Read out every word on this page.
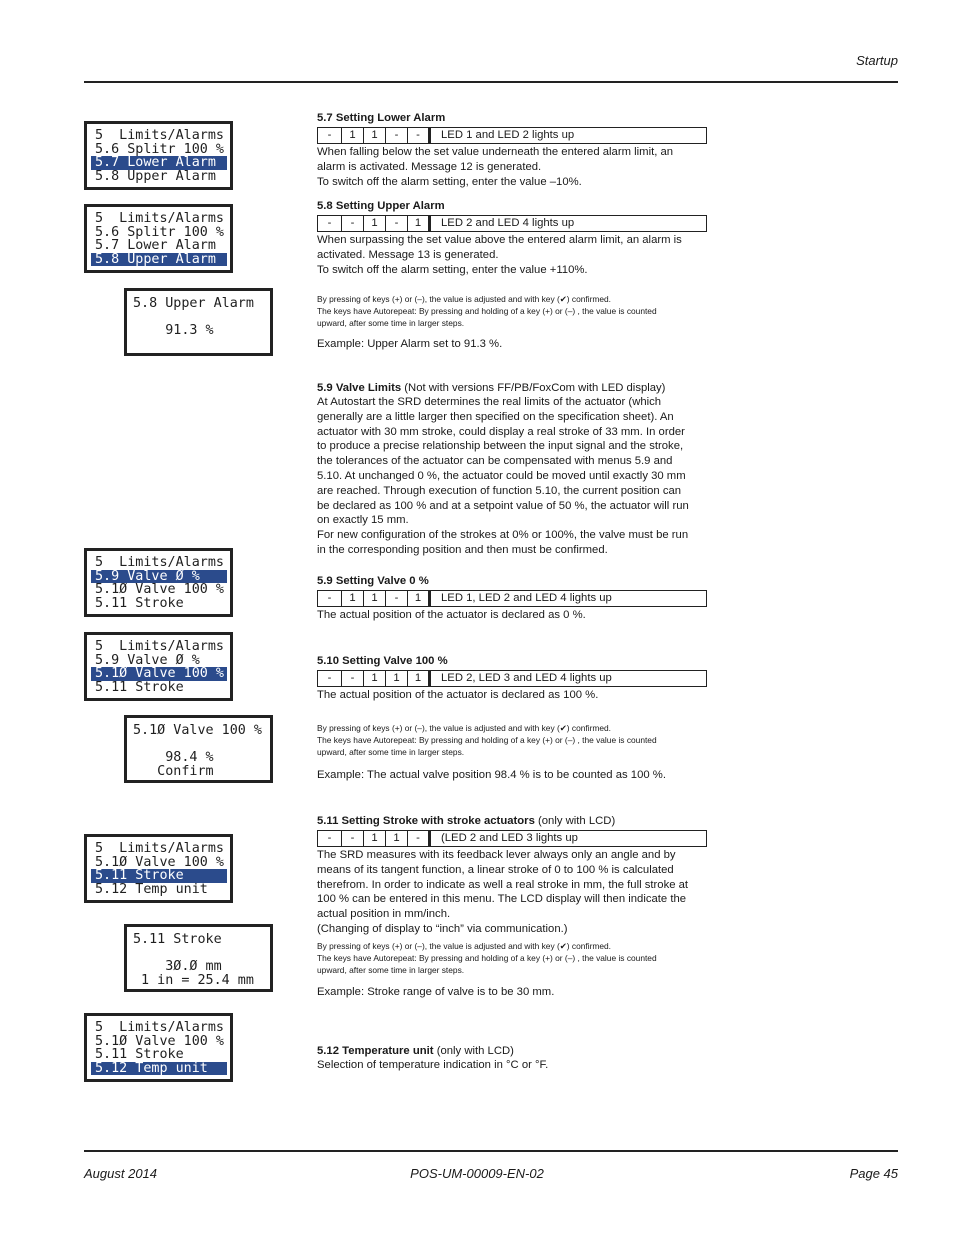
Startup
August 2014	POS-UM-00009-EN-02	Page 45
5  Limits/Alarms
5.6 Splitr 100 %
5.7 Lower Alarm
5.8 Upper Alarm
5  Limits/Alarms
5.6 Splitr 100 %
5.7 Lower Alarm
5.8 Upper Alarm
5.8 Upper Alarm
91.3 %
5  Limits/Alarms
5.9 Valve Ø %
5.1Ø Valve 100 %
5.11 Stroke
5  Limits/Alarms
5.9 Valve Ø %
5.1Ø Valve 100 %
5.11 Stroke
5.1Ø Valve 100 %
98.4 %
Confirm
5  Limits/Alarms
5.1Ø Valve 100 %
5.11 Stroke
5.12 Temp unit
5.11 Stroke
3Ø.Ø mm
1 in = 25.4 mm
5  Limits/Alarms
5.1Ø Valve 100 %
5.11 Stroke
5.12 Temp unit
5.7 Setting Lower Alarm
-	1	1	-	-	LED 1 and LED 2 lights up
When falling below the set value underneath the entered alarm limit, an
alarm is activated. Message 12 is generated.
To switch off the alarm setting, enter the value –10%.
5.8 Setting Upper Alarm
-	-	1	-	1	LED 2 and LED 4 lights up
When surpassing the set value above the entered alarm limit, an alarm is
activated. Message 13 is generated.
To switch off the alarm setting, enter the value +110%.
By pressing of keys (+) or (–), the value is adjusted and with key (✔) confirmed.
The keys have Autorepeat: By pressing and holding of a key (+) or (–) , the value is counted
upward, after some time in larger steps.
Example: Upper Alarm set to 91.3 %.
5.9 Valve Limits (Not with versions FF/PB/FoxCom with LED display)
At Autostart the SRD determines the real limits of the actuator (which
generally are a little larger then specified on the specification sheet). An
actuator with 30 mm stroke, could display a real stroke of 33 mm. In order
to produce a precise relationship between the input signal and the stroke,
the tolerances of the actuator can be compensated with menus 5.9 and
5.10. At unchanged 0 %, the actuator could be moved until exactly 30 mm
are reached. Through execution of function 5.10, the current position can
be declared as 100 % and at a setpoint value of 50 %, the actuator will run
on exactly 15 mm.
For new configuration of the strokes at 0% or 100%, the valve must be run
in the corresponding position and then must be confirmed.
5.9 Setting Valve 0 %
-	1	1	-	1	LED 1, LED 2 and LED 4 lights up
The actual position of the actuator is declared as 0 %.
5.10 Setting Valve 100 %
-	-	1	1	1	LED 2, LED 3 and LED 4 lights up
The actual position of the actuator is declared as 100 %.
By pressing of keys (+) or (–), the value is adjusted and with key (✔) confirmed.
The keys have Autorepeat: By pressing and holding of a key (+) or (–) , the value is counted
upward, after some time in larger steps.
Example: The actual valve position 98.4 % is to be counted as 100 %.
5.11 Setting Stroke with stroke actuators (only with LCD)
-	-	1	1	-	(LED 2 and LED 3 lights up
The SRD measures with its feedback lever always only an angle and by
means of its tangent function, a linear stroke of 0 to 100 % is calculated
therefrom. In order to indicate as well a real stroke in mm, the full stroke at
100 % can be entered in this menu. The LCD display will then indicate the
actual position in mm/inch.
(Changing of display to “inch” via communication.)
By pressing of keys (+) or (–), the value is adjusted and with key (✔) confirmed.
The keys have Autorepeat: By pressing and holding of a key (+) or (–) , the value is counted
upward, after some time in larger steps.
Example: Stroke range of valve is to be 30 mm.
5.12 Temperature unit (only with LCD)
Selection of temperature indication in °C or °F.
